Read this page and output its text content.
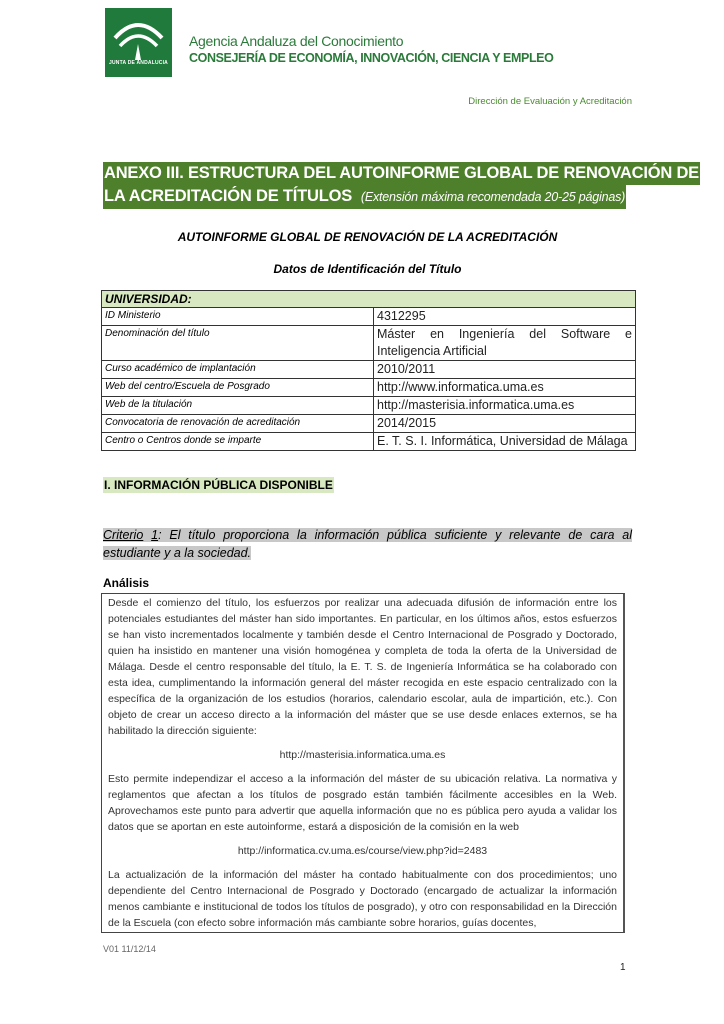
JUNTA DE ANDALUCIA
Agencia Andaluza del Conocimiento
CONSEJERÍA DE ECONOMÍA, INNOVACIÓN, CIENCIA Y EMPLEO
Dirección de Evaluación y Acreditación
ANEXO III. ESTRUCTURA DEL AUTOINFORME GLOBAL DE RENOVACIÓN DE
LA ACREDITACIÓN DE TÍTULOS (Extensión máxima recomendada 20-25 páginas)
AUTOINFORME GLOBAL DE RENOVACIÓN DE LA ACREDITACIÓN
Datos de Identificación del Título
UNIVERSIDAD:	
ID Ministerio	4312295
Denominación del título	Máster en Ingeniería del Software e Inteligencia Artificial
Curso académico de implantación	2010/2011
Web del centro/Escuela de Posgrado	http://www.informatica.uma.es
Web de la titulación	http://masterisia.informatica.uma.es
Convocatoria de renovación de acreditación	2014/2015
Centro o Centros donde se imparte	E. T. S. I. Informática, Universidad de Málaga
I. INFORMACIÓN PÚBLICA DISPONIBLE
Criterio 1: El título proporciona la información pública suficiente y relevante de cara al estudiante y a la sociedad.
Análisis

Desde el comienzo del título, los esfuerzos por realizar una adecuada difusión de información entre los potenciales estudiantes del máster han sido importantes. En particular, en los últimos años, estos esfuerzos se han visto incrementados localmente y también desde el Centro Internacional de Posgrado y Doctorado, quien ha insistido en mantener una visión homogénea y completa de toda la oferta de la Universidad de Málaga. Desde el centro responsable del título, la E. T. S. de Ingeniería Informática se ha colaborado con esta idea, cumplimentando la información general del máster recogida en este espacio centralizado con la específica de la organización de los estudios (horarios, calendario escolar, aula de impartición, etc.). Con objeto de crear un acceso directo a la información del máster que se use desde enlaces externos, se ha habilitado la dirección siguiente:

http://masterisia.informatica.uma.es

Esto permite independizar el acceso a la información del máster de su ubicación relativa. La normativa y reglamentos que afectan a los títulos de posgrado están también fácilmente accesibles en la Web. Aprovechamos este punto para advertir que aquella información que no es pública pero ayuda a validar los datos que se aportan en este autoinforme, estará a disposición de la comisión en la web

http://informatica.cv.uma.es/course/view.php?id=2483

La actualización de la información del máster ha contado habitualmente con dos procedimientos; uno dependiente del Centro Internacional de Posgrado y Doctorado (encargado de actualizar la información menos cambiante e institucional de todos los títulos de posgrado), y otro con responsabilidad en la Dirección de la Escuela (con efecto sobre información más cambiante sobre horarios, guías docentes,

V01 11/12/14
1
